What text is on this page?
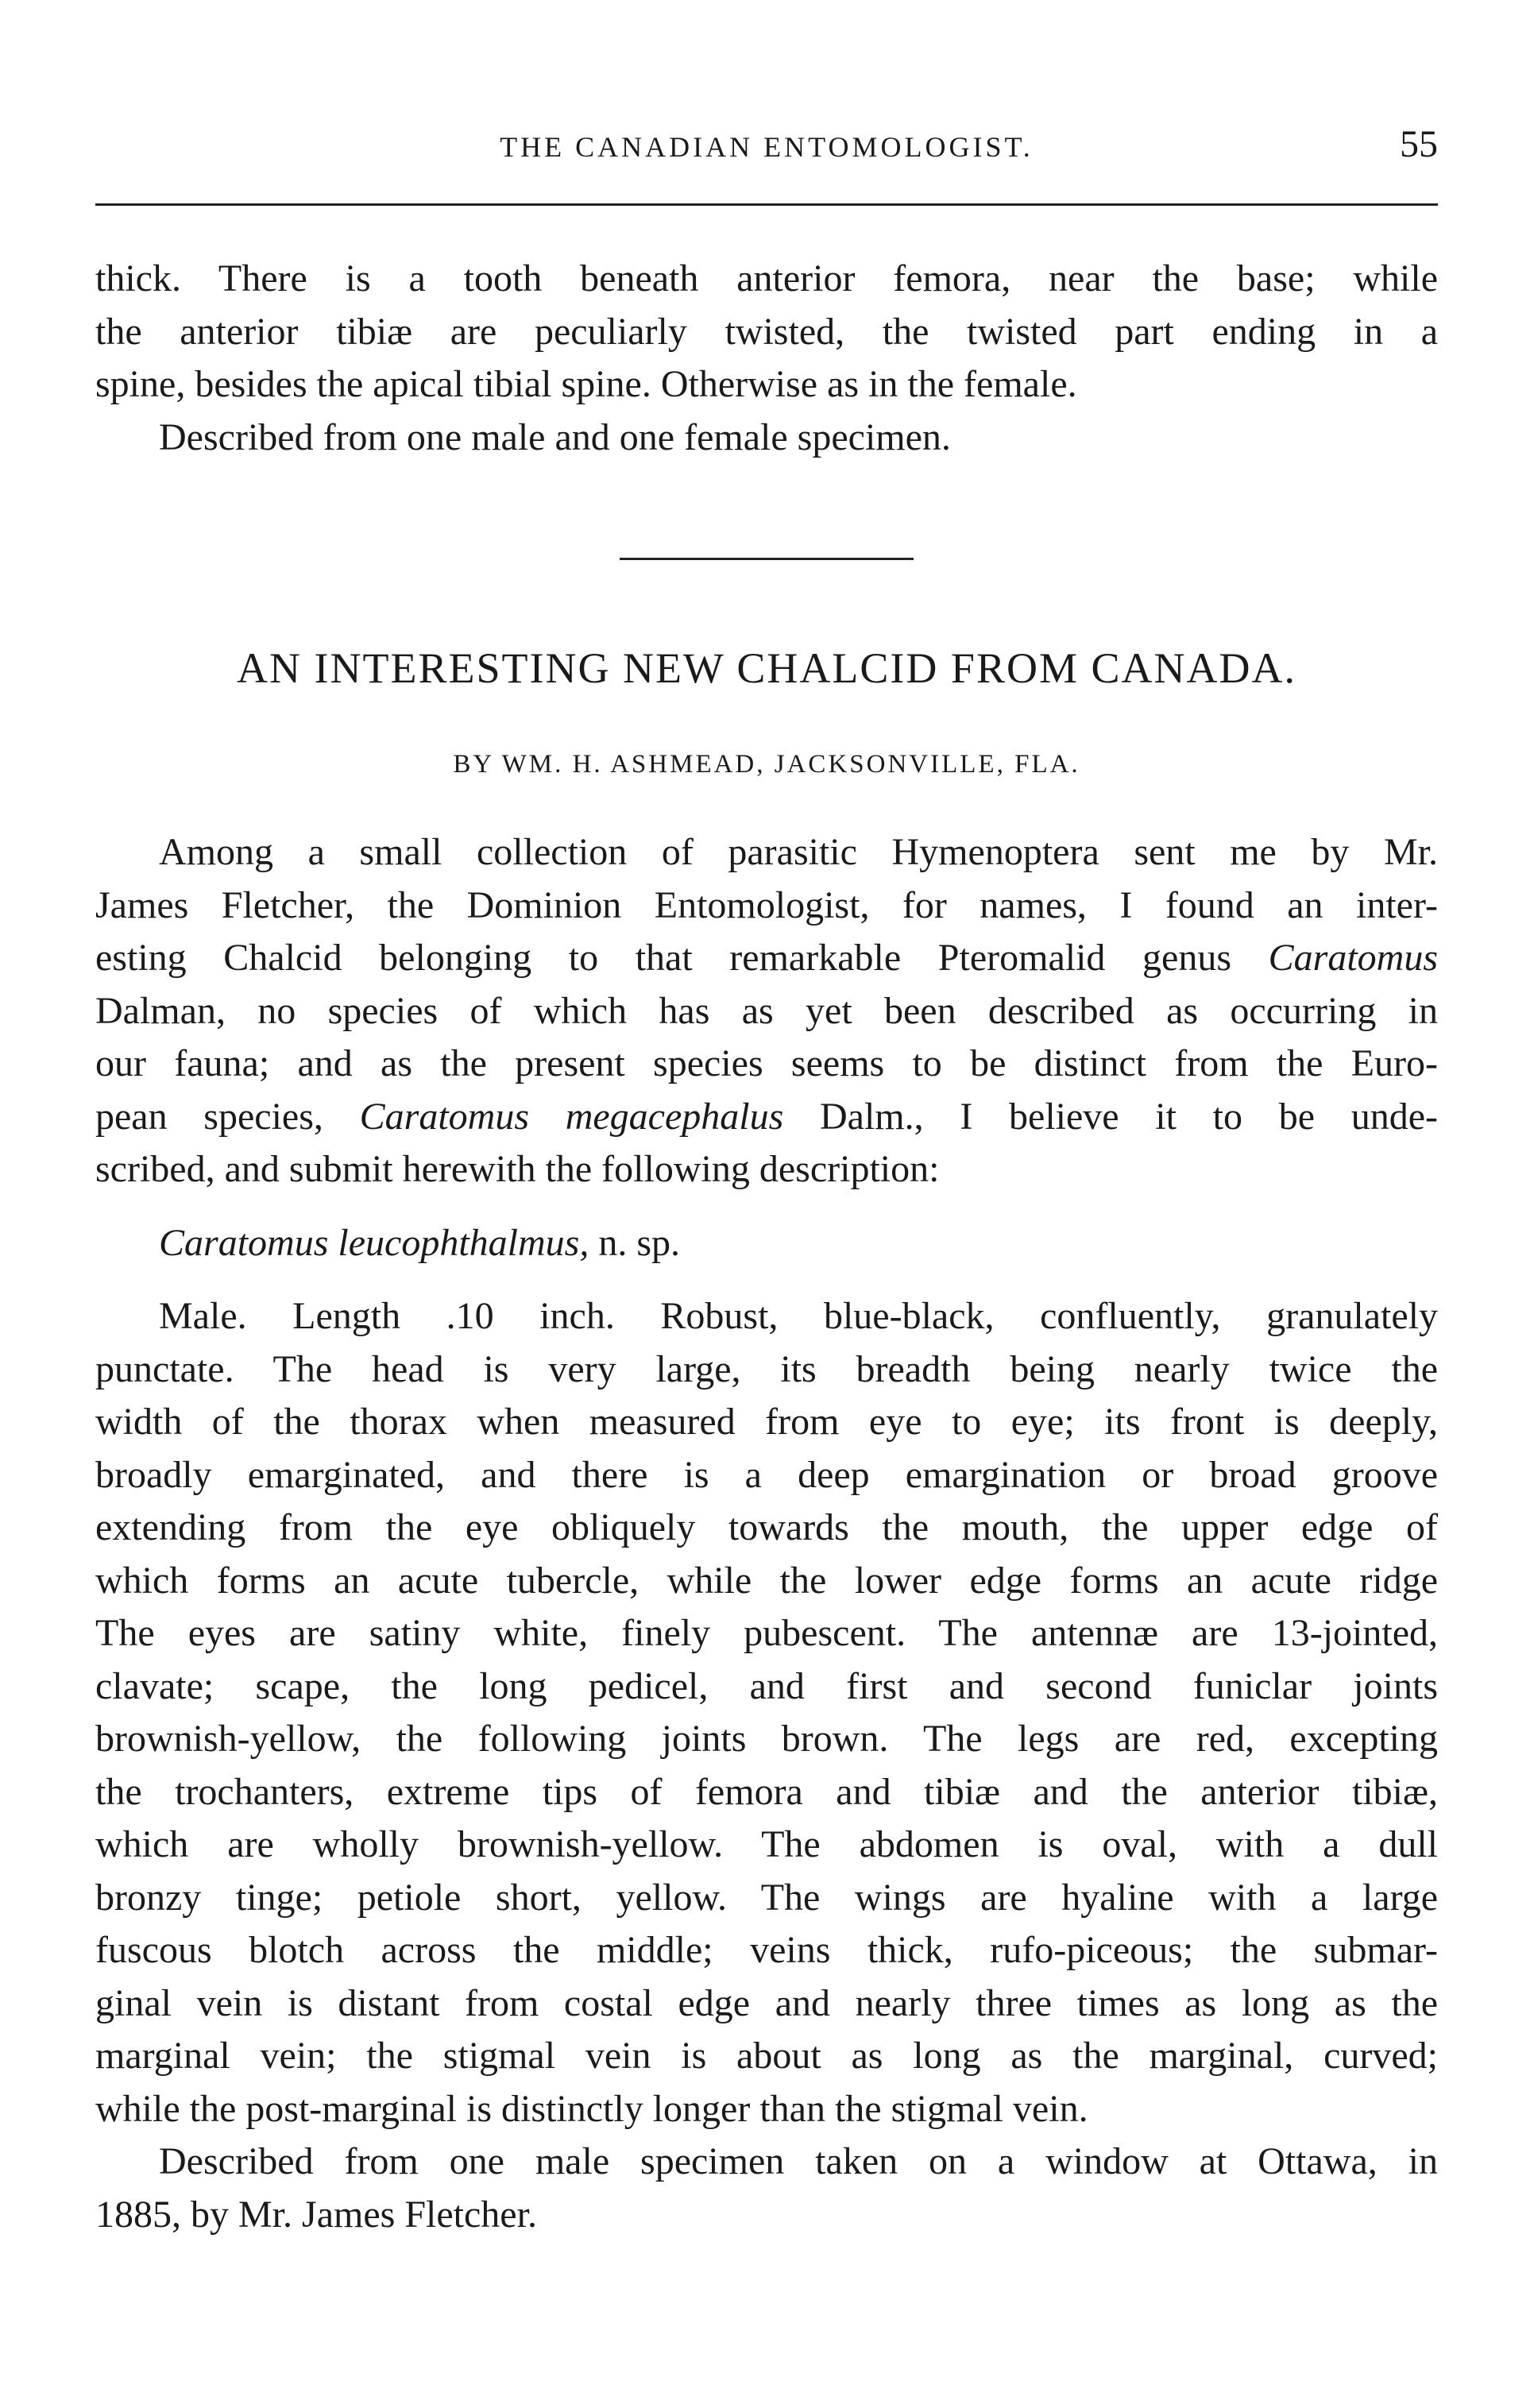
THE CANADIAN ENTOMOLOGIST.	55
thick. There is a tooth beneath anterior femora, near the base; while
the anterior tibiæ are peculiarly twisted, the twisted part ending in a
spine, besides the apical tibial spine. Otherwise as in the female.
Described from one male and one female specimen.
AN INTERESTING NEW CHALCID FROM CANADA.
BY WM. H. ASHMEAD, JACKSONVILLE, FLA.
Among a small collection of parasitic Hymenoptera sent me by Mr.
James Fletcher, the Dominion Entomologist, for names, I found an inter-
esting Chalcid belonging to that remarkable Pteromalid genus Caratomus
Dalman, no species of which has as yet been described as occurring in
our fauna; and as the present species seems to be distinct from the Euro-
pean species, Caratomus megacephalus Dalm., I believe it to be unde-
scribed, and submit herewith the following description:
Caratomus leucophthalmus, n. sp.
Male. Length .10 inch. Robust, blue-black, confluently, granulately
punctate. The head is very large, its breadth being nearly twice the
width of the thorax when measured from eye to eye; its front is deeply,
broadly emarginated, and there is a deep emargination or broad groove
extending from the eye obliquely towards the mouth, the upper edge of
which forms an acute tubercle, while the lower edge forms an acute ridge
The eyes are satiny white, finely pubescent. The antennæ are 13-jointed,
clavate; scape, the long pedicel, and first and second funiclar joints
brownish-yellow, the following joints brown. The legs are red, excepting
the trochanters, extreme tips of femora and tibiæ and the anterior tibiæ,
which are wholly brownish-yellow. The abdomen is oval, with a dull
bronzy tinge; petiole short, yellow. The wings are hyaline with a large
fuscous blotch across the middle; veins thick, rufo-piceous; the submar-
ginal vein is distant from costal edge and nearly three times as long as the
marginal vein; the stigmal vein is about as long as the marginal, curved;
while the post-marginal is distinctly longer than the stigmal vein.
Described from one male specimen taken on a window at Ottawa, in
1885, by Mr. James Fletcher.
